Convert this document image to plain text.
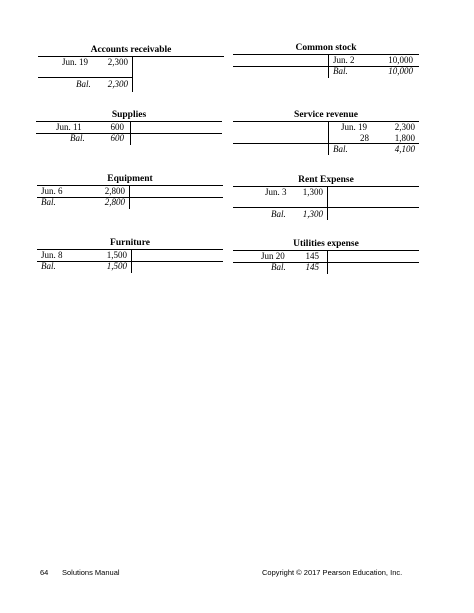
Accounts receivable
Jun. 19	2,300
Bal.	2,300
Common stock
Jun. 2	10,000
Bal.	10,000
Supplies
Jun. 11	600
Bal.	600
Service revenue
Jun. 19	2,300
28	1,800
Bal.	4,100
Equipment
Jun. 6	2,800
Bal.	2,800
Rent Expense
Jun. 3	1,300
Bal.	1,300
Furniture
Jun. 8	1,500
Bal.	1,500
Utilities expense
Jun 20	145
Bal.	145
64 Solutions Manual	Copyright © 2017 Pearson Education, Inc.
